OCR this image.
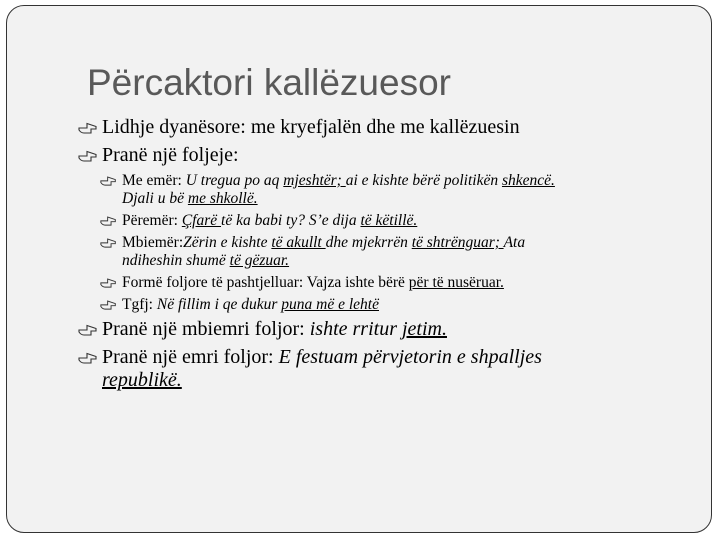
Përcaktori kallëzuesor
Lidhje dyanësore: me kryefjalën dhe me kallëzuesin
Pranë një foljeje:
Me emër: U tregua po aq mjeshtër; ai e kishte bërë politikën shkencë.
Djali u bë me shkollë.
Përemër: Çfarë të ka babi ty? S’e dija të këtillë.
Mbiemër:Zërin e kishte të akullt dhe mjekrrën të shtrënguar; Ata
ndiheshin shumë të gëzuar.
Formë foljore të pashtjelluar: Vajza ishte bërë për të nusëruar.
Tgfj: Në fillim i qe dukur puna më e lehtë
Pranë një mbiemri foljor: ishte rritur jetim.
Pranë një emri foljor: E festuam përvjetorin e shpalljes
republikë.
